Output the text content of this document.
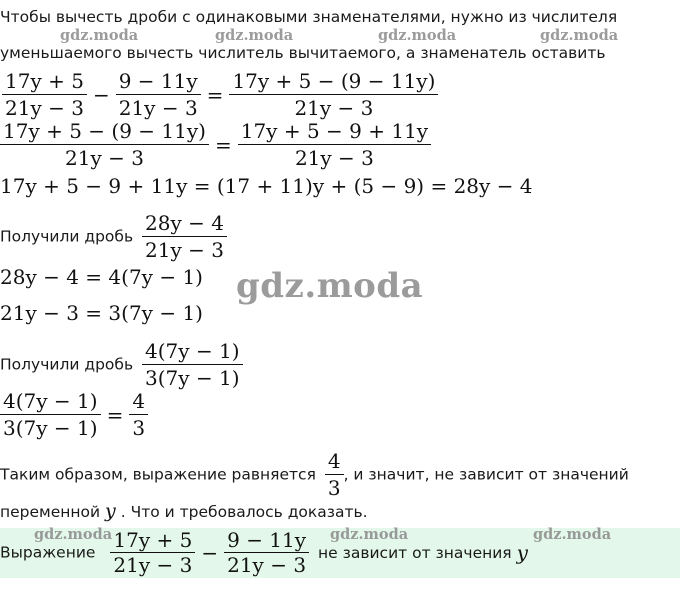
Чтобы вычесть дроби с одинаковыми знаменателями, нужно из числителя
уменьшаемого вычесть числитель вычитаемого, а знаменатель оставить
gdz.moda	gdz.moda	gdz.moda	gdz.moda
$\frac{17y + 5}{21y - 3} - \frac{9 - 11y}{21y - 3} = \frac{17y + 5 - (9 - 11y)}{21y - 3}$
$\frac{17y + 5 - (9 - 11y)}{21y - 3} = \frac{17y + 5 - 9 + 11y}{21y - 3}$
17y + 5 − 9 + 11y = (17 + 11)y + (5 − 9) = 28y − 4
Получили дробь $\frac{28y - 4}{21y - 3}$
28y − 4 = 4(7y − 1)
21y − 3 = 3(7y − 1)
gdz.moda
Получили дробь $\frac{4(7y - 1)}{3(7y - 1)}$
$\frac{4(7y - 1)}{3(7y - 1)} = \frac{4}{3}$
Таким образом, выражение равняется $\frac{4}{3}$ , и значит, не зависит от значений
переменной y . Что и требовалось доказать.
Выражение $\frac{17y + 5}{21y - 3} - \frac{9 - 11y}{21y - 3}$ не зависит от значения y
gdz.moda	gdz.moda	gdz.moda
